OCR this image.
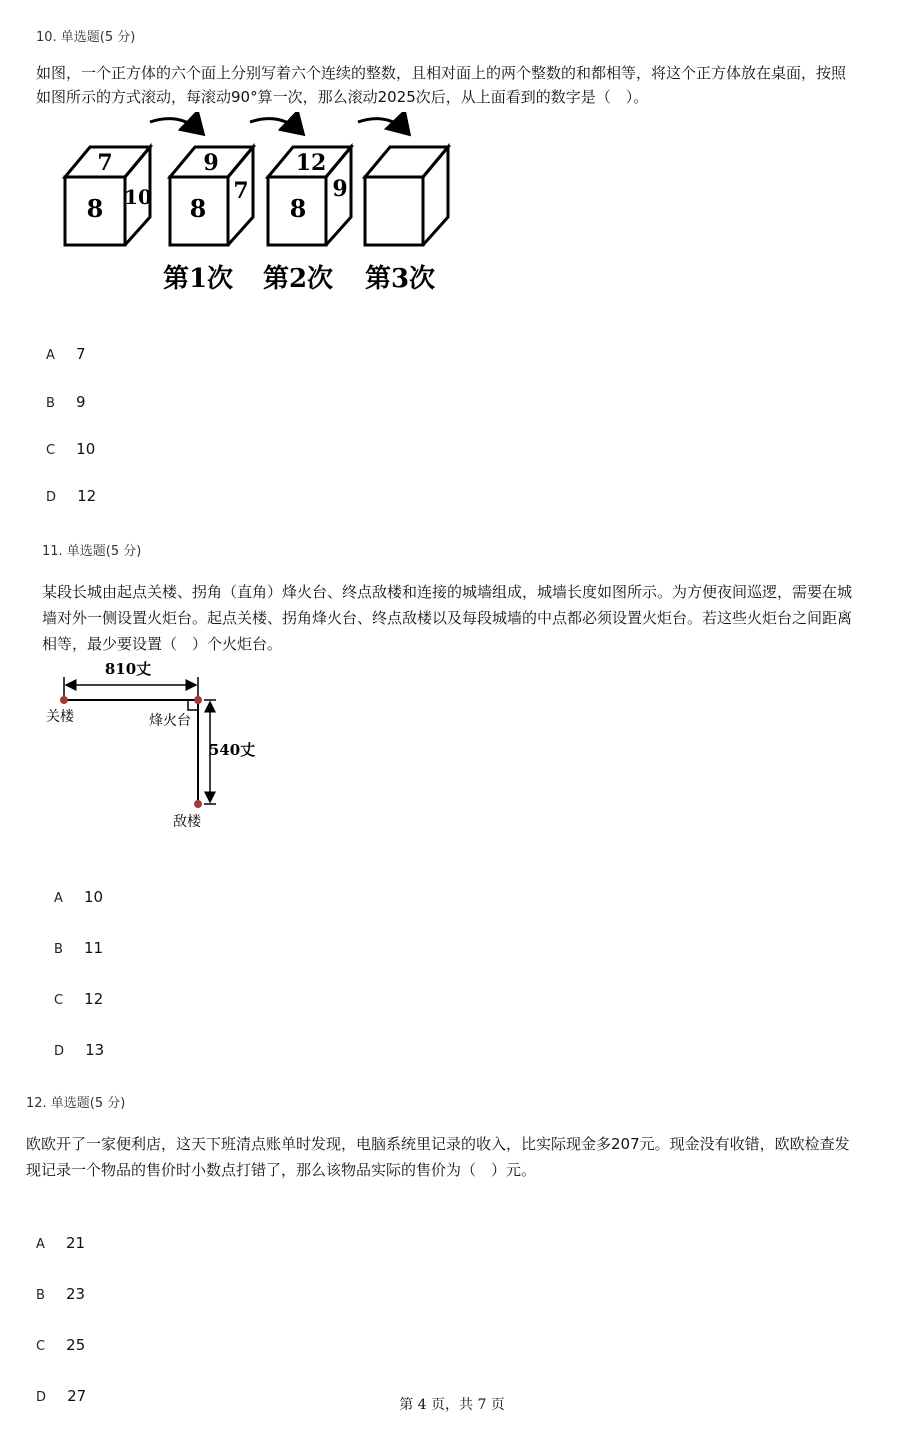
10. 单选题(5 分)
如图，一个正方体的六个面上分别写着六个连续的整数，且相对面上的两个整数的和都相等，将这个正方体放在桌面，按照
如图所示的方式滚动，每滚动90°算一次，那么滚动2025次后，从上面看到的数字是（　）。
7
8 10
9
8
7
12
8
9
第1次 第2次 第3次
A 7
B 9
C 10
D 12
11. 单选题(5 分)
某段长城由起点关楼、拐角（直角）烽火台、终点敌楼和连接的城墙组成，城墙长度如图所示。为方便夜间巡逻，需要在城
墙对外一侧设置火炬台。起点关楼、拐角烽火台、终点敌楼以及每段城墙的中点都必须设置火炬台。若这些火炬台之间距离
相等，最少要设置（　）个火炬台。
810丈
540丈
关楼	烽火台
敌楼
A 10
B 11
C 12
D 13
12. 单选题(5 分)
欧欧开了一家便利店，这天下班清点账单时发现，电脑系统里记录的收入，比实际现金多207元。现金没有收错，欧欧检查发
现记录一个物品的售价时小数点打错了，那么该物品实际的售价为（　）元。
A 21
B 23
C 25
D 27	第 4 页，共 7 页
